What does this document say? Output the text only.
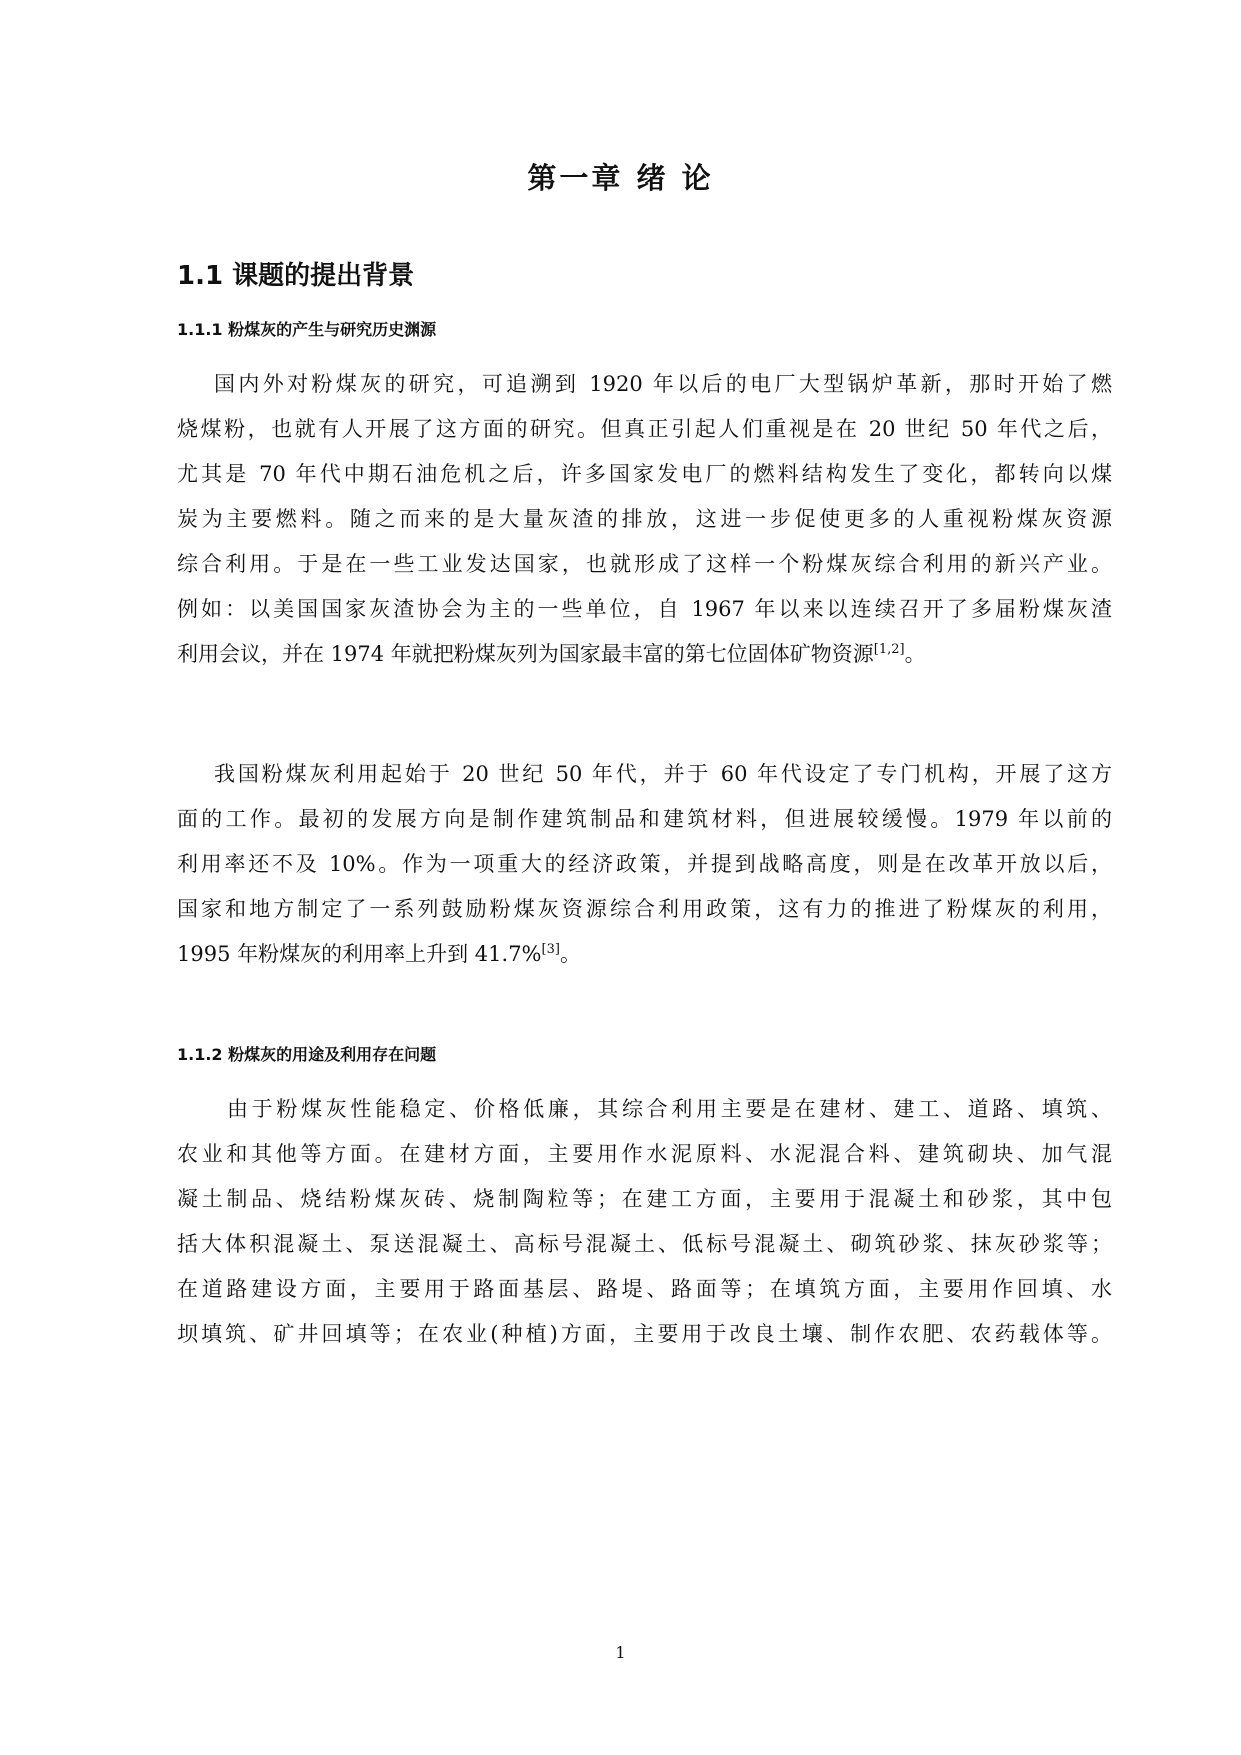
第一章 绪 论
1.1 课题的提出背景
1.1.1 粉煤灰的产生与研究历史渊源
国内外对粉煤灰的研究，可追溯到 1920 年以后的电厂大型锅炉革新，那时开始了燃
烧煤粉，也就有人开展了这方面的研究。但真正引起人们重视是在 20 世纪 50 年代之后，
尤其是 70 年代中期石油危机之后，许多国家发电厂的燃料结构发生了变化，都转向以煤
炭为主要燃料。随之而来的是大量灰渣的排放，这进一步促使更多的人重视粉煤灰资源
综合利用。于是在一些工业发达国家，也就形成了这样一个粉煤灰综合利用的新兴产业。
例如：以美国国家灰渣协会为主的一些单位，自 1967 年以来以连续召开了多届粉煤灰渣
利用会议，并在 1974 年就把粉煤灰列为国家最丰富的第七位固体矿物资源[1,2]。
我国粉煤灰利用起始于 20 世纪 50 年代，并于 60 年代设定了专门机构，开展了这方
面的工作。最初的发展方向是制作建筑制品和建筑材料，但进展较缓慢。1979 年以前的
利用率还不及 10%。作为一项重大的经济政策，并提到战略高度，则是在改革开放以后，
国家和地方制定了一系列鼓励粉煤灰资源综合利用政策，这有力的推进了粉煤灰的利用，
1995 年粉煤灰的利用率上升到 41.7%[3]。
1.1.2 粉煤灰的用途及利用存在问题
由于粉煤灰性能稳定、价格低廉，其综合利用主要是在建材、建工、道路、填筑、
农业和其他等方面。在建材方面，主要用作水泥原料、水泥混合料、建筑砌块、加气混
凝土制品、烧结粉煤灰砖、烧制陶粒等；在建工方面，主要用于混凝土和砂浆，其中包
括大体积混凝土、泵送混凝土、高标号混凝土、低标号混凝土、砌筑砂浆、抹灰砂浆等；
在道路建设方面，主要用于路面基层、路堤、路面等；在填筑方面，主要用作回填、水
坝填筑、矿井回填等；在农业(种植)方面，主要用于改良土壤、制作农肥、农药载体等。
1
